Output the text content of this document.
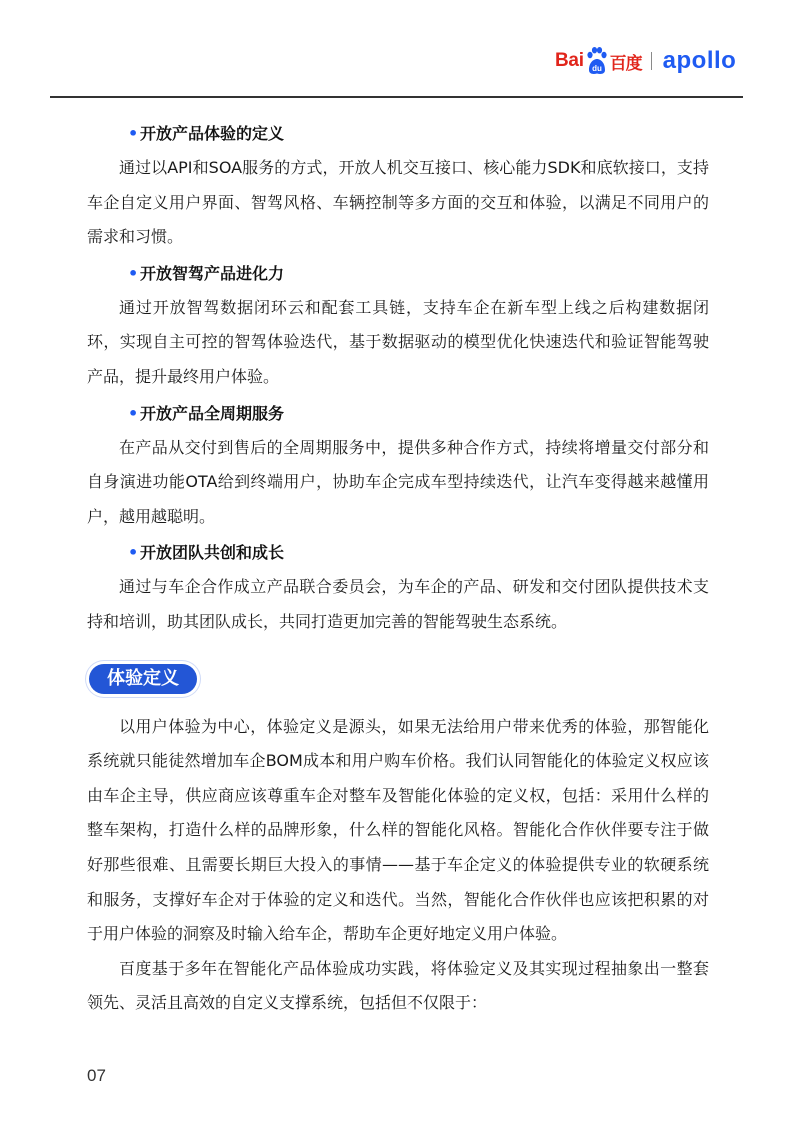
Bai du 百度 apollo
• 开放产品体验的定义

通过以API和SOA服务的方式，开放人机交互接口、核心能力SDK和底软接口，支持车企自定义用户界面、智驾风格、车辆控制等多方面的交互和体验，以满足不同用户的需求和习惯。

• 开放智驾产品进化力

通过开放智驾数据闭环云和配套工具链，支持车企在新车型上线之后构建数据闭环，实现自主可控的智驾体验迭代，基于数据驱动的模型优化快速迭代和验证智能驾驶产品，提升最终用户体验。

• 开放产品全周期服务

在产品从交付到售后的全周期服务中，提供多种合作方式，持续将增量交付部分和自身演进功能OTA给到终端用户，协助车企完成车型持续迭代，让汽车变得越来越懂用户，越用越聪明。

• 开放团队共创和成长

通过与车企合作成立产品联合委员会，为车企的产品、研发和交付团队提供技术支持和培训，助其团队成长，共同打造更加完善的智能驾驶生态系统。

体验定义

以用户体验为中心，体验定义是源头，如果无法给用户带来优秀的体验，那智能化系统就只能徒然增加车企BOM成本和用户购车价格。我们认同智能化的体验定义权应该由车企主导，供应商应该尊重车企对整车及智能化体验的定义权，包括：采用什么样的整车架构，打造什么样的品牌形象，什么样的智能化风格。智能化合作伙伴要专注于做好那些很难、且需要长期巨大投入的事情——基于车企定义的体验提供专业的软硬系统和服务，支撑好车企对于体验的定义和迭代。当然，智能化合作伙伴也应该把积累的对于用户体验的洞察及时输入给车企，帮助车企更好地定义用户体验。

百度基于多年在智能化产品体验成功实践，将体验定义及其实现过程抽象出一整套领先、灵活且高效的自定义支撑系统，包括但不仅限于：

07
